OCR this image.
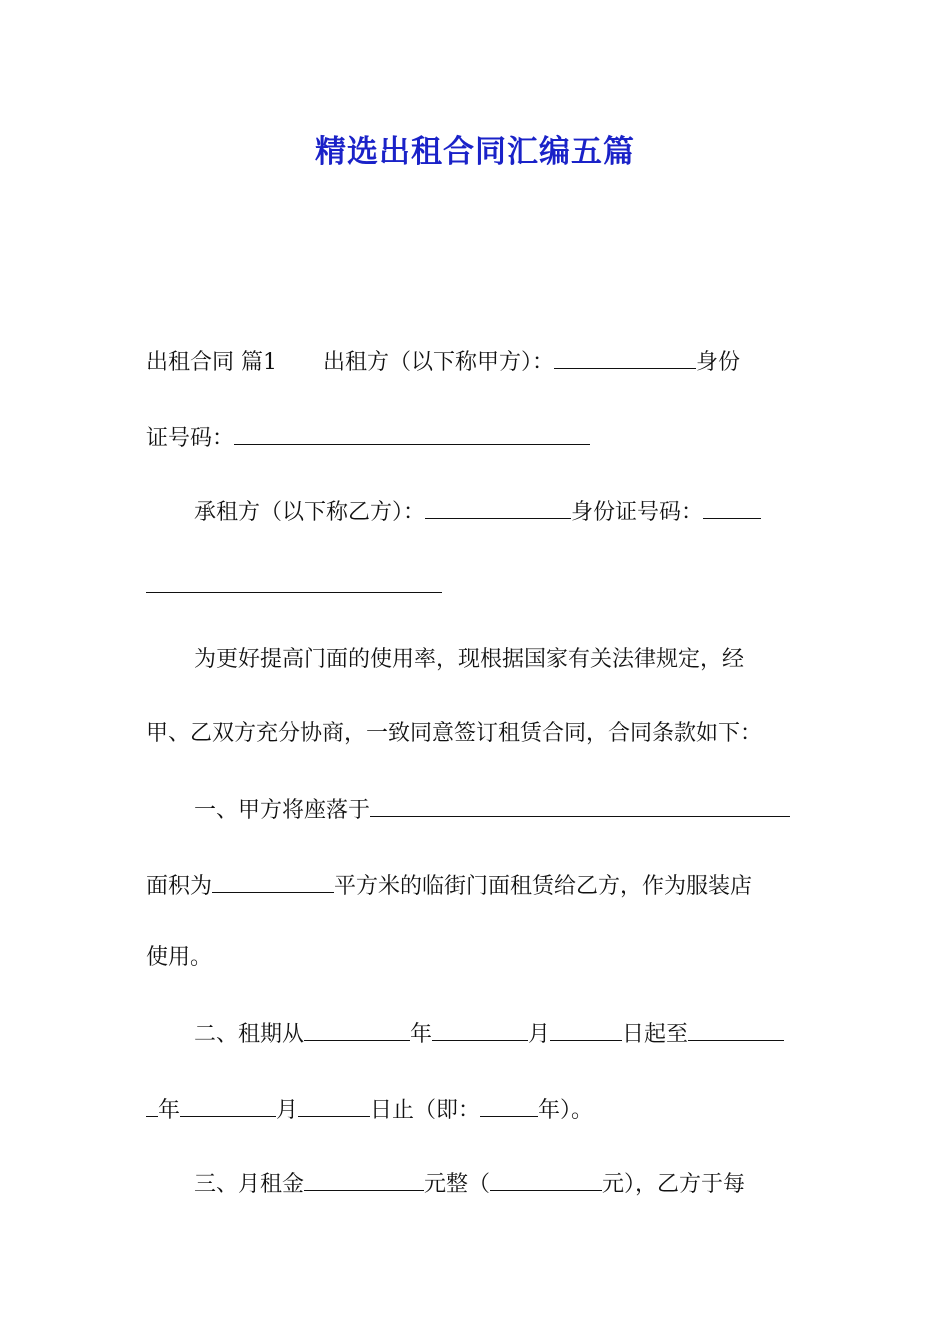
精选出租合同汇编五篇
出租合同 篇1 出租方（以下称甲方）：	身份
证号码：
承租方（以下称乙方）：	身份证号码：
为更好提高门面的使用率，现根据国家有关法律规定，经
甲、乙双方充分协商，一致同意签订租赁合同，合同条款如下：
一、甲方将座落于
面积为	平方米的临街门面租赁给乙方，作为服装店
使用。
二、租期从	年	月	日起至
年	月	日止（即：	年）。
三、月租金	元整（	元），乙方于每
